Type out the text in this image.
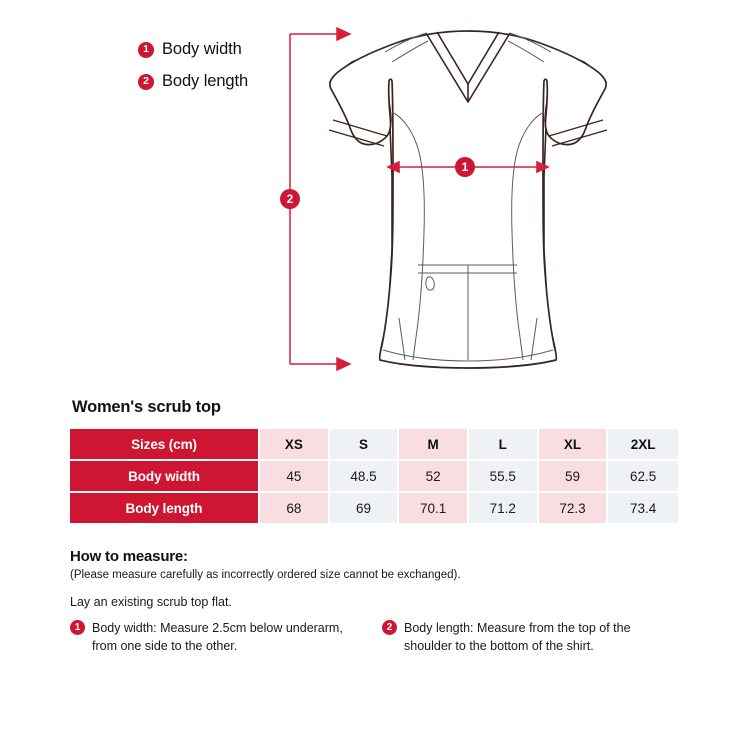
1 Body width
2 Body length
1
2
Women's scrub top
Sizes (cm)	XS	S	M	L	XL	2XL
Body width	45	48.5	52	55.5	59	62.5
Body length	68	69	70.1	71.2	72.3	73.4
How to measure:
(Please measure carefully as incorrectly ordered size cannot be exchanged).
Lay an existing scrub top flat.
1 Body width: Measure 2.5cm below underarm, from one side to the other.
2 Body length: Measure from the top of the shoulder to the bottom of the shirt.
